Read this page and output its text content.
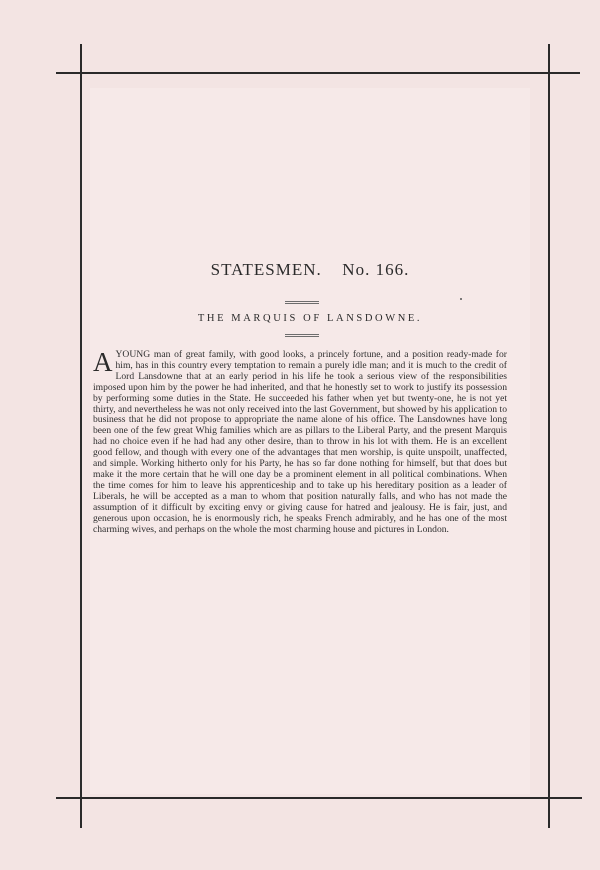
STATESMEN. No. 166.
THE MARQUIS OF LANSDOWNE.
AYOUNG man of great family, with good looks, a princely fortune, and a position ready-made for him, has in this country every temptation to remain a purely idle man; and it is much to the credit of Lord Lansdowne that at an early period in his life he took a serious view of the responsibilities imposed upon him by the power he had inherited, and that he honestly set to work to justify its possession by performing some duties in the State. He succeeded his father when yet but twenty-one, he is not yet thirty, and nevertheless he was not only received into the last Government, but showed by his application to business that he did not propose to appropriate the name alone of his office. The Lansdownes have long been one of the few great Whig families which are as pillars to the Liberal Party, and the present Marquis had no choice even if he had had any other desire, than to throw in his lot with them. He is an excellent good fellow, and though with every one of the advantages that men worship, is quite unspoilt, unaffected, and simple. Working hitherto only for his Party, he has so far done nothing for himself, but that does but make it the more certain that he will one day be a prominent element in all political combinations. When the time comes for him to leave his apprenticeship and to take up his hereditary position as a leader of Liberals, he will be accepted as a man to whom that position naturally falls, and who has not made the assumption of it difficult by exciting envy or giving cause for hatred and jealousy. He is fair, just, and generous upon occasion, he is enormously rich, he speaks French admirably, and he has one of the most charming wives, and perhaps on the whole the most charming house and pictures in London.
